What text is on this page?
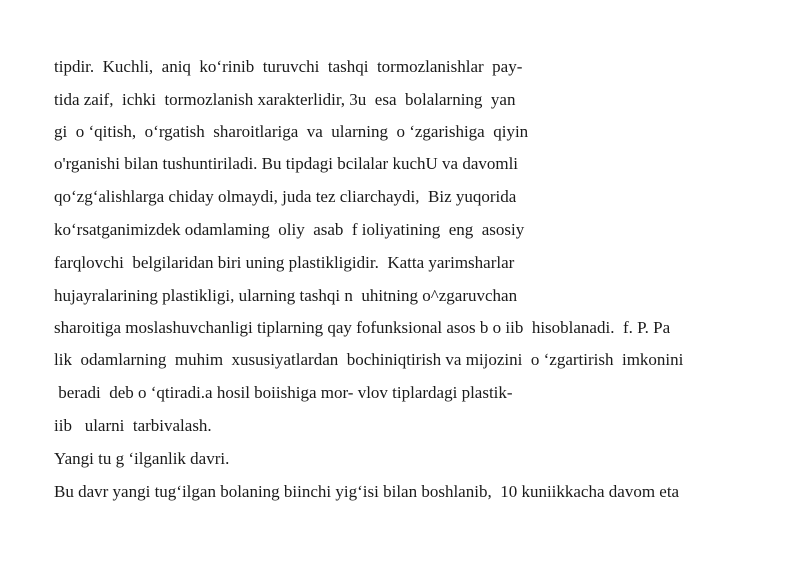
tipdir.  Kuchli,  aniq  ko‘rinib  turuvchi  tashqi  tormozlanishlar  pay-
tida zaif,  ichki  tormozlanish xarakterlidir, 3u  esa  bolalarning  yan
gi  o ‘qitish,  o‘rgatish  sharoitlariga  va  ularning  o ‘zgarishiga  qiyin
o'rganishi bilan tushuntiriladi. Bu tipdagi bcilalar kuchU va davomli
qo‘zg‘alishlarga chiday olmaydi, juda tez cliarchaydi,  Biz yuqorida
ko‘rsatganimizdek odamlaming  oliy  asab  f ioliyatining  eng  asosiy
farqlovchi  belgilaridan biri uning plastikligidir.  Katta yarimsharlar
hujayralarining plastikligi, ularning tashqi n  uhitning o^zgaruvchan
sharoitiga moslashuvchanligi tiplarning qay fofunksional asos b o iib  hisoblanadi.  f. P. Pa
lik  odamlarning  muhim  xususiyatlardan  bochiniqtirish va mijozini  o ‘zgartirish  imkonini
beradi  deb o ‘qtiradi.a hosil boiishiga mor- vlov tiplardagi plastik-
iib   ularni  tarbivalash.
Yangi tu g ‘ilganlik davri.
Bu davr yangi tug‘ilgan bolaning biinchi yig‘isi bilan boshlanib,  10 kuniikkacha davom eta
